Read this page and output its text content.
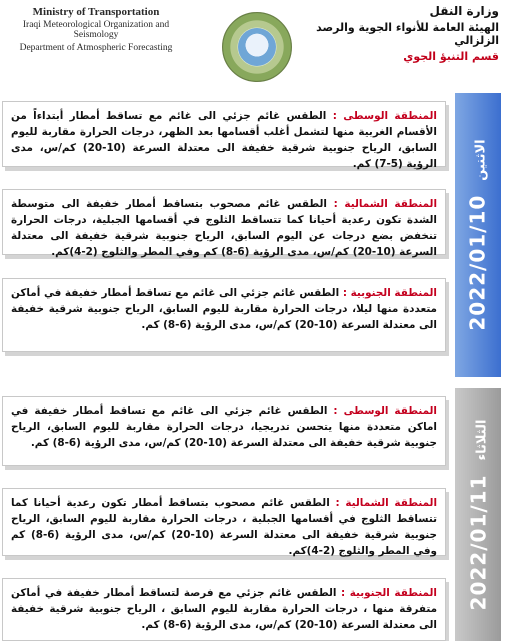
Ministry of Transportation
Iraqi Meteorological Organization and Seismology
Department of Atmospheric Forecasting
وزارة النقل
الهيئة العامة للأنواء الجوية والرصد الزلزالي
قسم التنبؤ الجوي
2022/01/10
الاثنين
المنطقة الوسطى : الطقس غائم جزئي الى غائم مع تساقط أمطار أبتداءاً من الأقسام الغربية منها لتشمل أغلب أقسامها بعد الظهر، درجات الحرارة مقاربة لليوم السابق، الرياح جنوبية شرقية خفيفة الى معتدلة السرعة (10-20) كم/س، مدى الرؤية (5-7) كم.
المنطقة الشمالية : الطقس غائم مصحوب بتساقط أمطار خفيفة الى متوسطة الشدة تكون رعدية أحيانا كما تتساقط الثلوج في أقسامها الجبلية، درجات الحرارة تنخفض بضع درجات عن اليوم السابق، الرياح جنوبية شرقية خفيفة الى معتدلة السرعة (10-20) كم/س، مدى الرؤية (6-8) كم وفي المطر والثلوج (2-4)كم.
المنطقة الجنوبية : الطقس غائم جزئي الى غائم مع تساقط أمطار خفيفة في أماكن متعددة منها ليلا، درجات الحرارة مقاربة لليوم السابق، الرياح جنوبية شرقية خفيفة الى معتدلة السرعة (10-20) كم/س، مدى الرؤية (6-8) كم.
2022/01/11
الثلاثاء
المنطقة الوسطى : الطقس غائم جزئي الى غائم مع تساقط أمطار خفيفة في اماكن متعددة منها يتحسن تدريجيا، درجات الحرارة مقاربة لليوم السابق، الرياح جنوبية شرقية خفيفة الى معتدلة السرعة (10-20) كم/س، مدى الرؤية (6-8) كم.
المنطقة الشمالية : الطقس غائم مصحوب بتساقط أمطار تكون رعدية أحيانا كما تتساقط الثلوج في أقسامها الجبلية ، درجات الحرارة مقاربة لليوم السابق، الرياح جنوبية شرقية خفيفة الى معتدلة السرعة (10-20) كم/س، مدى الرؤية (6-8) كم وفي المطر والثلوج (2-4)كم.
المنطقة الجنوبية : الطقس غائم جزئي مع فرصة لتساقط أمطار خفيفة في أماكن متفرقة منها ، درجات الحرارة مقاربة لليوم السابق ، الرياح جنوبية شرقية خفيفة الى معتدلة السرعة (10-20) كم/س، مدى الرؤية (6-8) كم.
